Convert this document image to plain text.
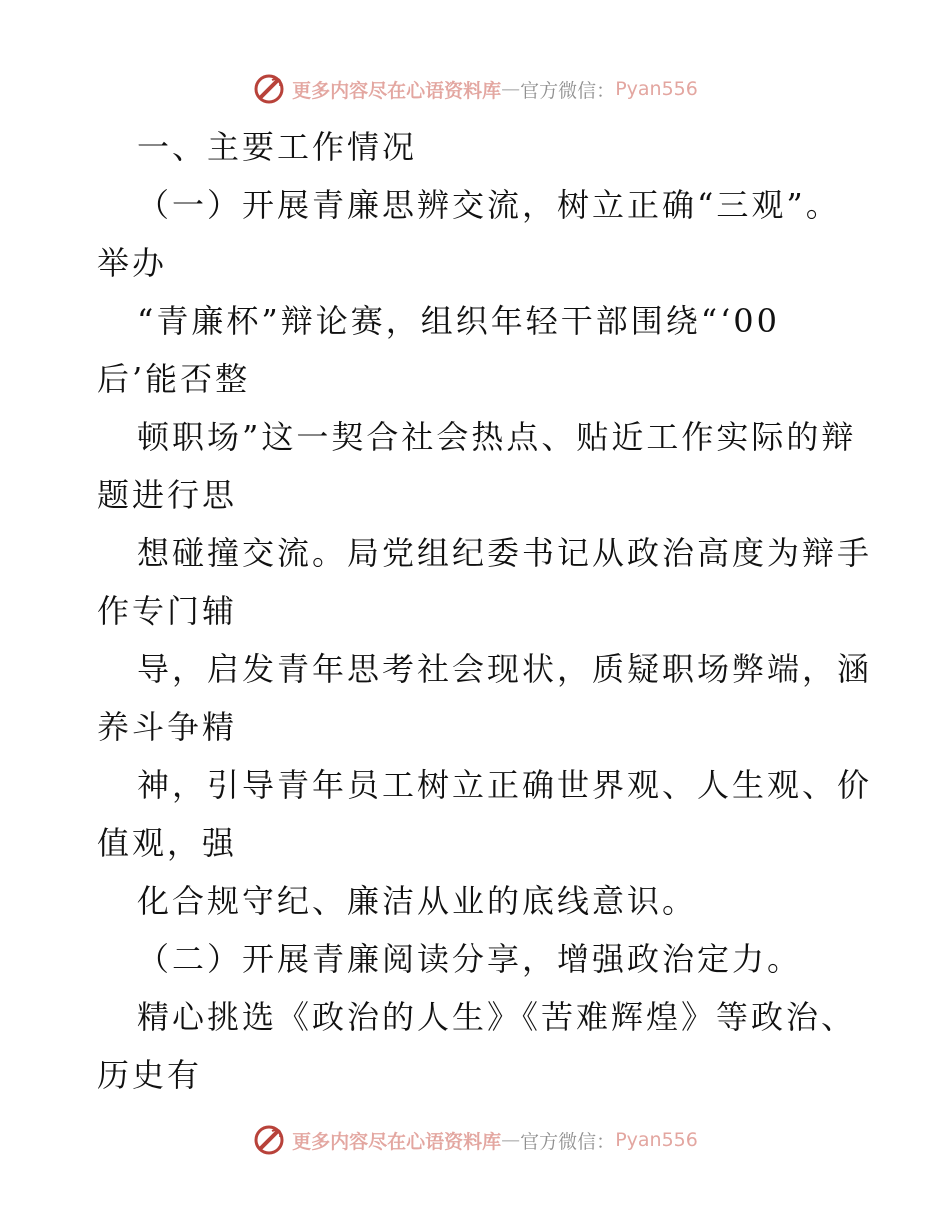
更多内容尽在心语资料库 — 官方微信： Pyan556
一、主要工作情况
（一）开展青廉思辨交流，树立正确“三观”。
举办
“青廉杯”辩论赛，组织年轻干部围绕“‘00
后’能否整
顿职场”这一契合社会热点、贴近工作实际的辩
题进行思
想碰撞交流。局党组纪委书记从政治高度为辩手
作专门辅
导，启发青年思考社会现状，质疑职场弊端，涵
养斗争精
神，引导青年员工树立正确世界观、人生观、价
值观，强
化合规守纪、廉洁从业的底线意识。
（二）开展青廉阅读分享，增强政治定力。
精心挑选《政治的人生》《苦难辉煌》等政治、
历史有
更多内容尽在心语资料库 — 官方微信： Pyan556
